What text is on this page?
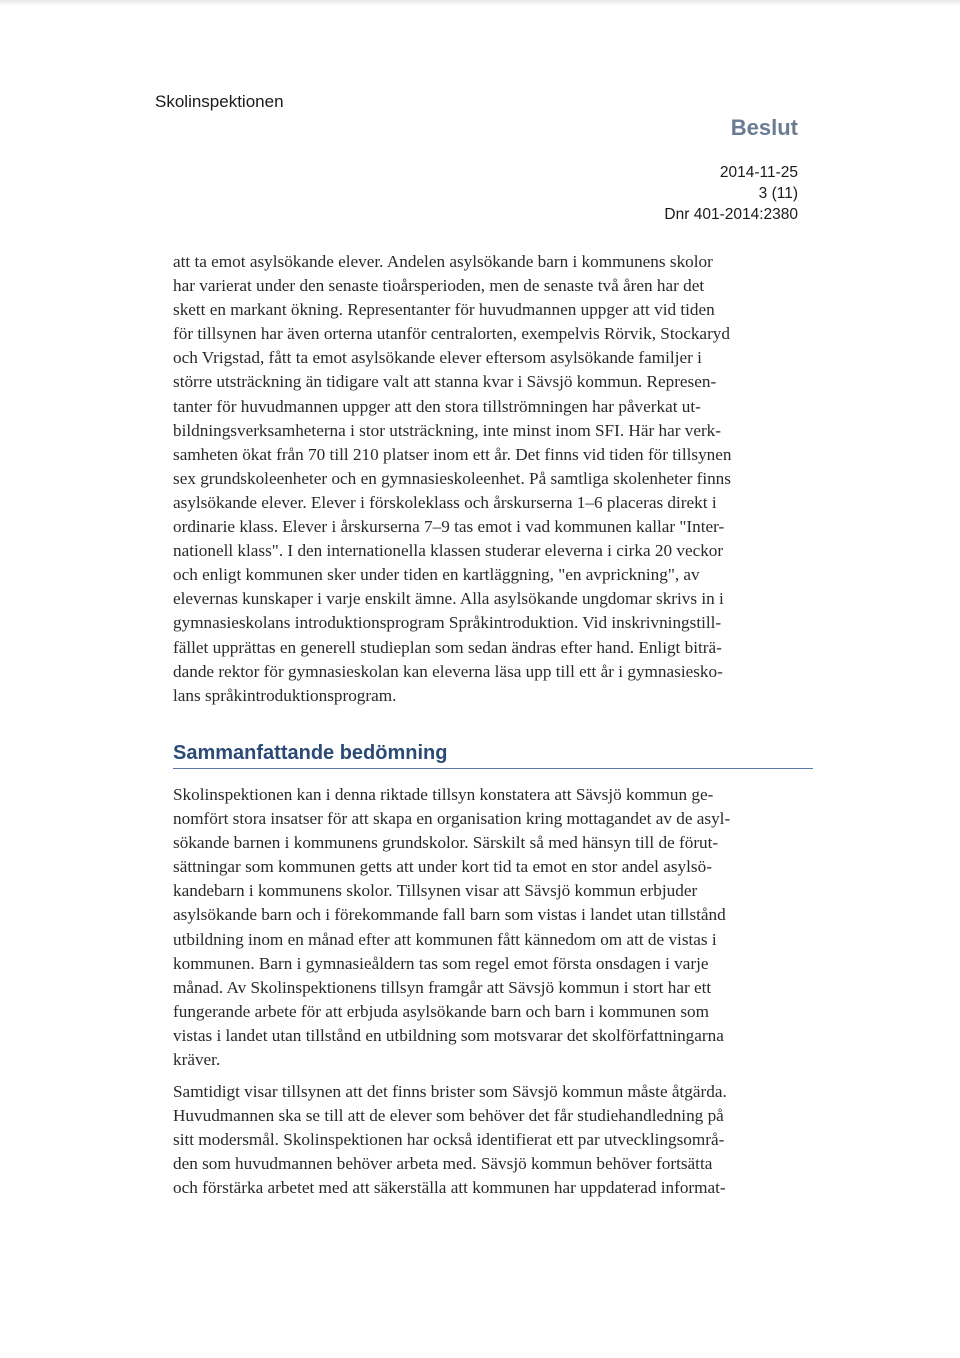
Skolinspektionen
Beslut
2014-11-25
3 (11)
Dnr 401-2014:2380
att ta emot asylsökande elever. Andelen asylsökande barn i kommunens skolor
har varierat under den senaste tioårsperioden, men de senaste två åren har det
skett en markant ökning. Representanter för huvudmannen uppger att vid tiden
för tillsynen har även orterna utanför centralorten, exempelvis Rörvik, Stockaryd
och Vrigstad, fått ta emot asylsökande elever eftersom asylsökande familjer i
större utsträckning än tidigare valt att stanna kvar i Sävsjö kommun. Represen-
tanter för huvudmannen uppger att den stora tillströmningen har påverkat ut-
bildningsverksamheterna i stor utsträckning, inte minst inom SFI. Här har verk-
samheten ökat från 70 till 210 platser inom ett år. Det finns vid tiden för tillsynen
sex grundskoleenheter och en gymnasieskoleenhet. På samtliga skolenheter finns
asylsökande elever. Elever i förskoleklass och årskurserna 1–6 placeras direkt i
ordinarie klass. Elever i årskurserna 7–9 tas emot i vad kommunen kallar "Inter-
nationell klass". I den internationella klassen studerar eleverna i cirka 20 veckor
och enligt kommunen sker under tiden en kartläggning, "en avprickning", av
elevernas kunskaper i varje enskilt ämne. Alla asylsökande ungdomar skrivs in i
gymnasieskolans introduktionsprogram Språkintroduktion. Vid inskrivningstill-
fället upprättas en generell studieplan som sedan ändras efter hand. Enligt biträ-
dande rektor för gymnasieskolan kan eleverna läsa upp till ett år i gymnasiesko-
lans språkintroduktionsprogram.
Sammanfattande bedömning
Skolinspektionen kan i denna riktade tillsyn konstatera att Sävsjö kommun ge-
nomfört stora insatser för att skapa en organisation kring mottagandet av de asyl-
sökande barnen i kommunens grundskolor. Särskilt så med hänsyn till de förut-
sättningar som kommunen getts att under kort tid ta emot en stor andel asylsö-
kandebarn i kommunens skolor. Tillsynen visar att Sävsjö kommun erbjuder
asylsökande barn och i förekommande fall barn som vistas i landet utan tillstånd
utbildning inom en månad efter att kommunen fått kännedom om att de vistas i
kommunen. Barn i gymnasieåldern tas som regel emot första onsdagen i varje
månad. Av Skolinspektionens tillsyn framgår att Sävsjö kommun i stort har ett
fungerande arbete för att erbjuda asylsökande barn och barn i kommunen som
vistas i landet utan tillstånd en utbildning som motsvarar det skolförfattningarna
kräver.
Samtidigt visar tillsynen att det finns brister som Sävsjö kommun måste åtgärda.
Huvudmannen ska se till att de elever som behöver det får studiehandledning på
sitt modersmål. Skolinspektionen har också identifierat ett par utvecklingsområ-
den som huvudmannen behöver arbeta med. Sävsjö kommun behöver fortsätta
och förstärka arbetet med att säkerställa att kommunen har uppdaterad informat-
